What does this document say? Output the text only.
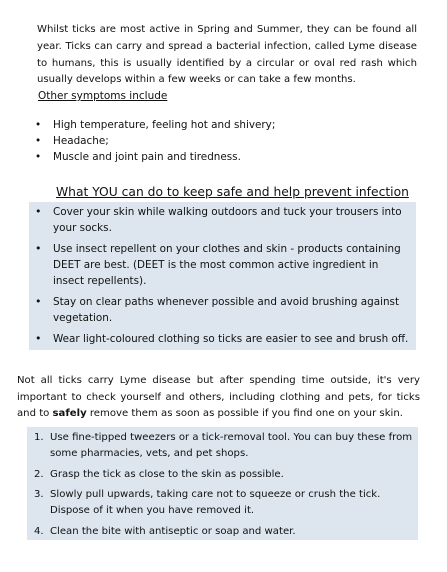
Whilst ticks are most active in Spring and Summer, they can be found all year. Ticks can carry and spread a bacterial infection, called Lyme disease to humans, this is usually identified by a circular or oval red rash which usually develops within a few weeks or can take a few months.

Other symptoms include
• High temperature, feeling hot and shivery;
• Headache;
• Muscle and joint pain and tiredness.
What YOU can do to keep safe and help prevent infection
• Cover your skin while walking outdoors and tuck your trousers into your socks.
• Use insect repellent on your clothes and skin - products containing DEET are best. (DEET is the most common active ingredient in insect repellents).
• Stay on clear paths whenever possible and avoid brushing against vegetation.
• Wear light-coloured clothing so ticks are easier to see and brush off.

Not all ticks carry Lyme disease but after spending time outside, it's very important to check yourself and others, including clothing and pets, for ticks and to safely remove them as soon as possible if you find one on your skin.

1. Use fine-tipped tweezers or a tick-removal tool. You can buy these from some pharmacies, vets, and pet shops.
2. Grasp the tick as close to the skin as possible.
3. Slowly pull upwards, taking care not to squeeze or crush the tick. Dispose of it when you have removed it.
4. Clean the bite with antiseptic or soap and water.
